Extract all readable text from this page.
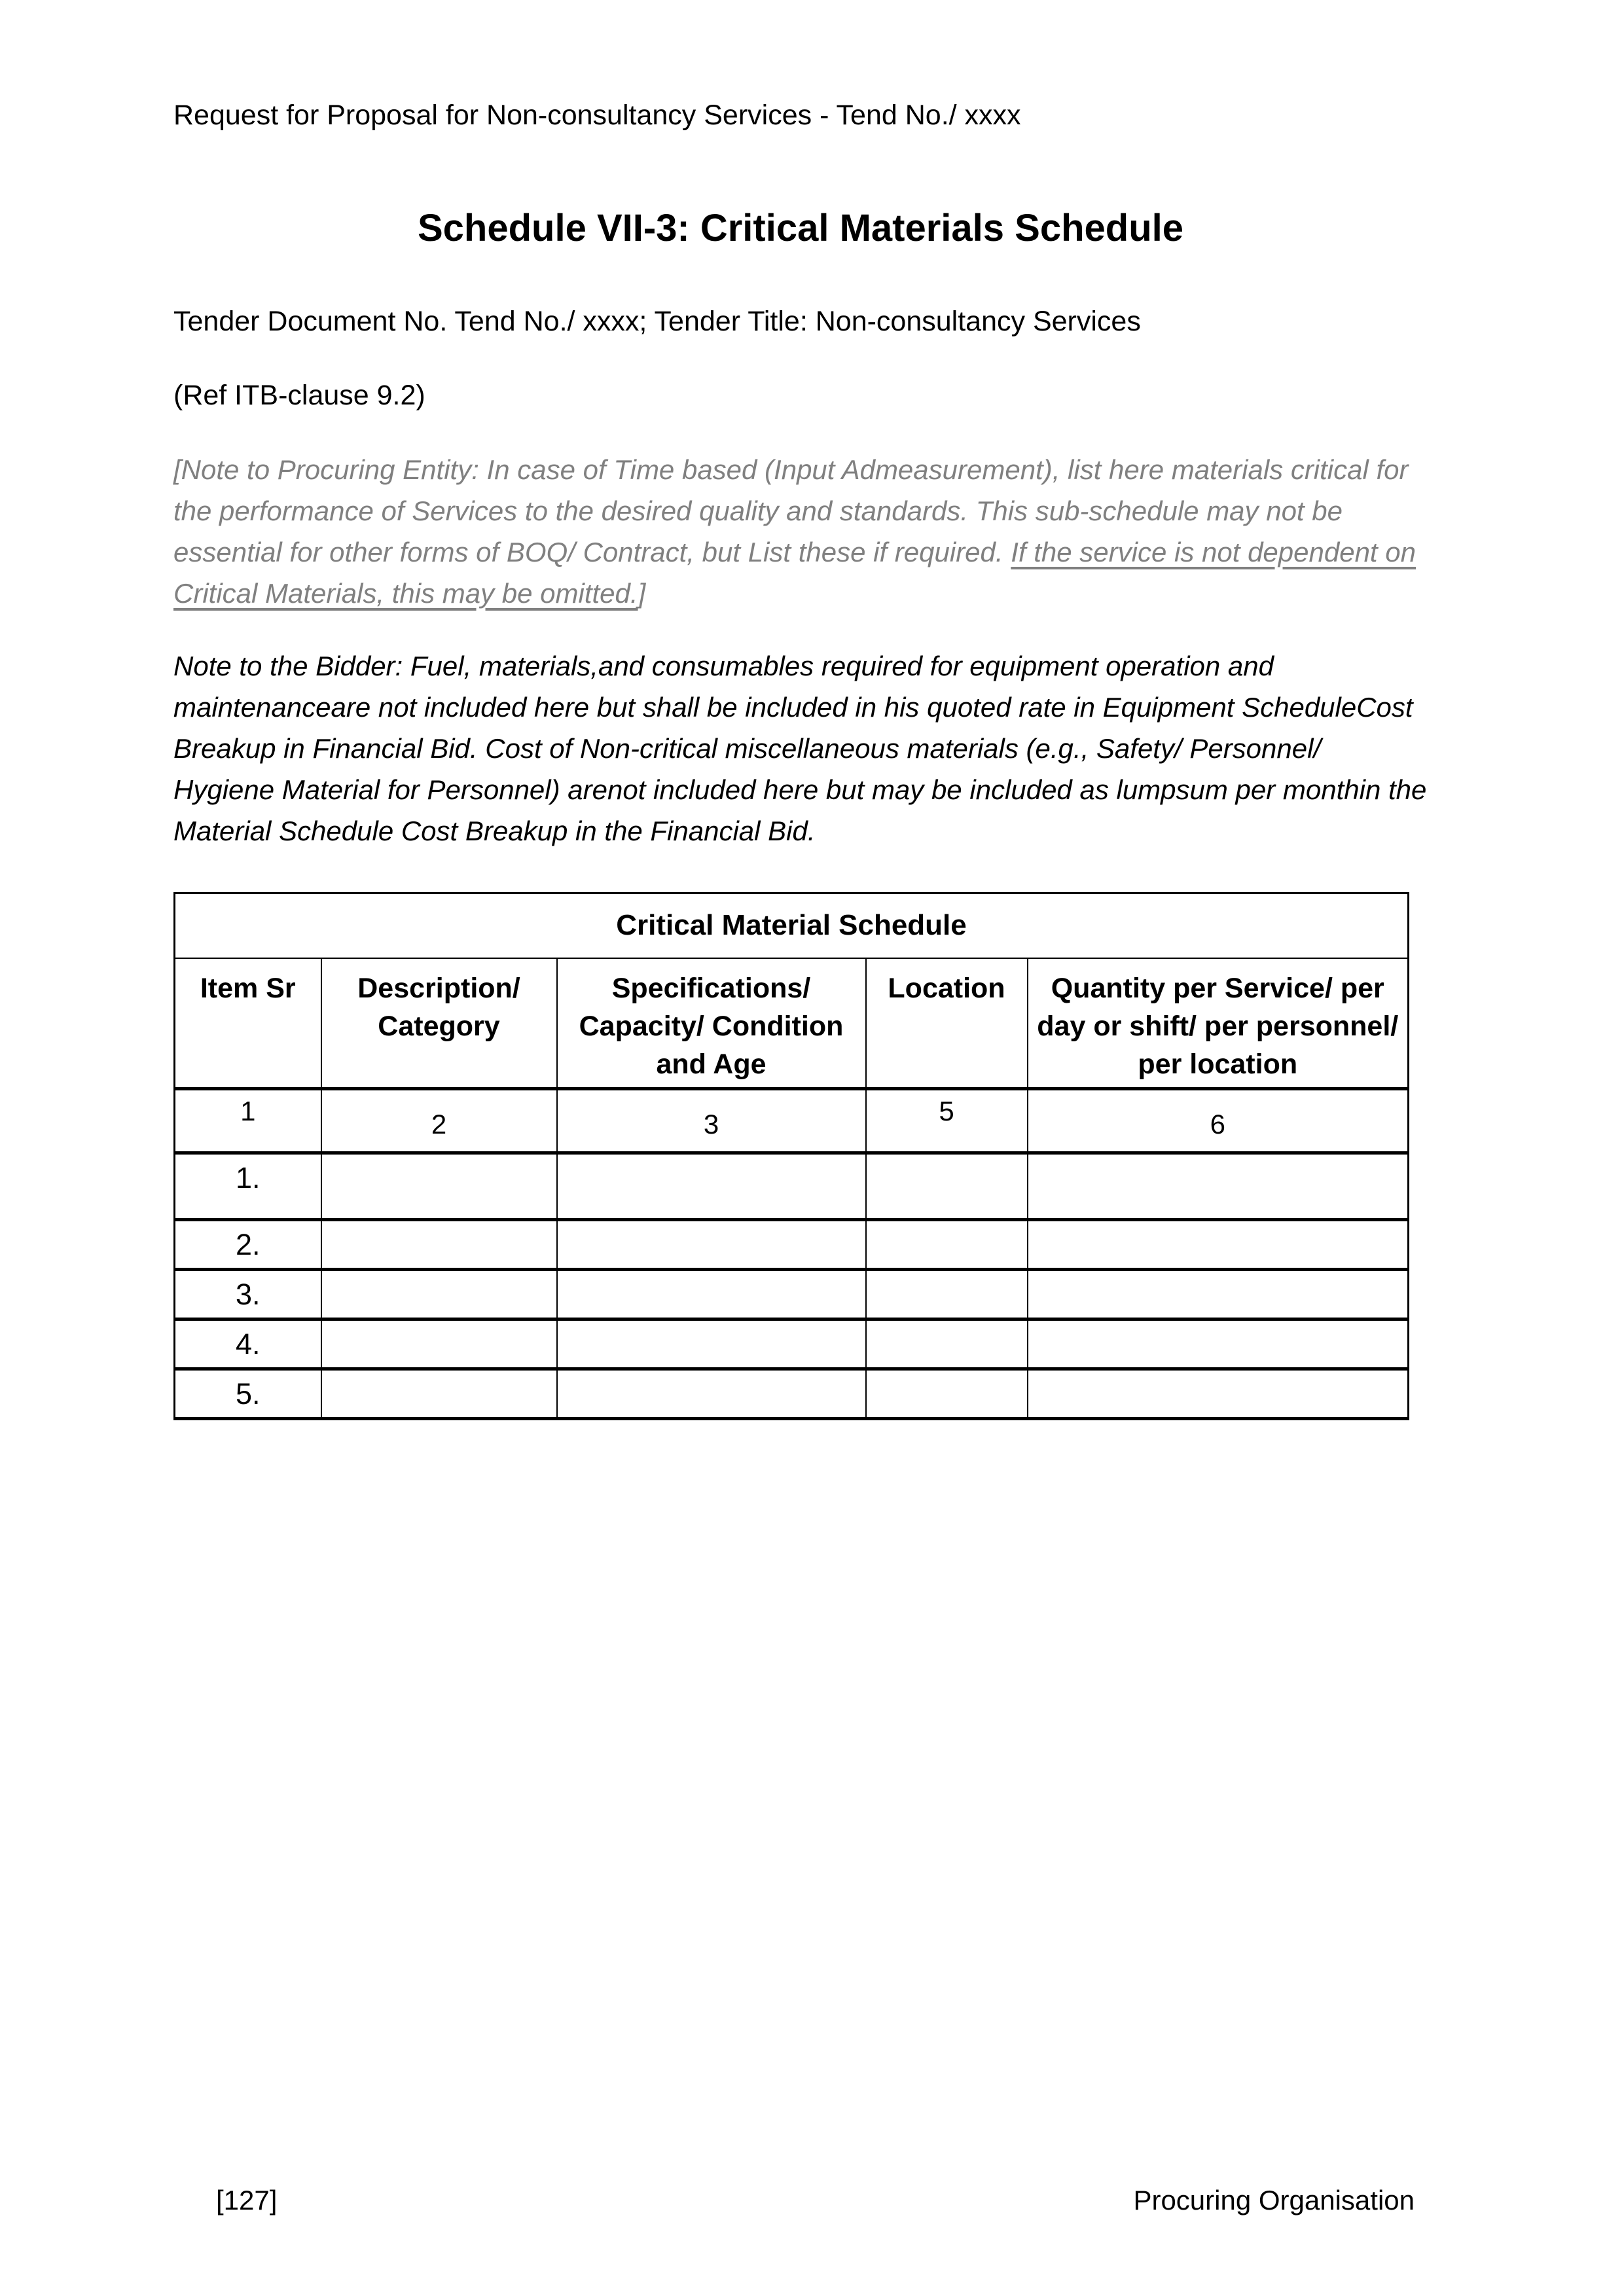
Request for Proposal for Non-consultancy Services - Tend No./ xxxx
Schedule VII-3: Critical Materials Schedule
Tender Document No. Tend No./ xxxx; Tender Title: Non-consultancy Services
(Ref ITB-clause 9.2)
[Note to Procuring Entity: In case of Time based (Input Admeasurement), list here materials critical for the performance of Services to the desired quality and standards. This sub-schedule may not be essential for other forms of BOQ/ Contract, but List these if required. If the service is not dependent on Critical Materials, this may be omitted.]
Note to the Bidder: Fuel, materials,and consumables required for equipment operation and maintenanceare not included here but shall be included in his quoted rate in Equipment ScheduleCost Breakup in Financial Bid. Cost of Non-critical miscellaneous materials (e.g., Safety/ Personnel/ Hygiene Material for Personnel) arenot included here but may be included as lumpsum per monthin the Material Schedule Cost Breakup in the Financial Bid.
Critical Material Schedule				
Item Sr	Description/ Category	Specifications/ Capacity/ Condition and Age	Location	Quantity per Service/ per day or shift/ per personnel/ per location
1	2	3	5	6
1.				
2.				
3.				
4.				
5.				
[127]	Procuring Organisation
